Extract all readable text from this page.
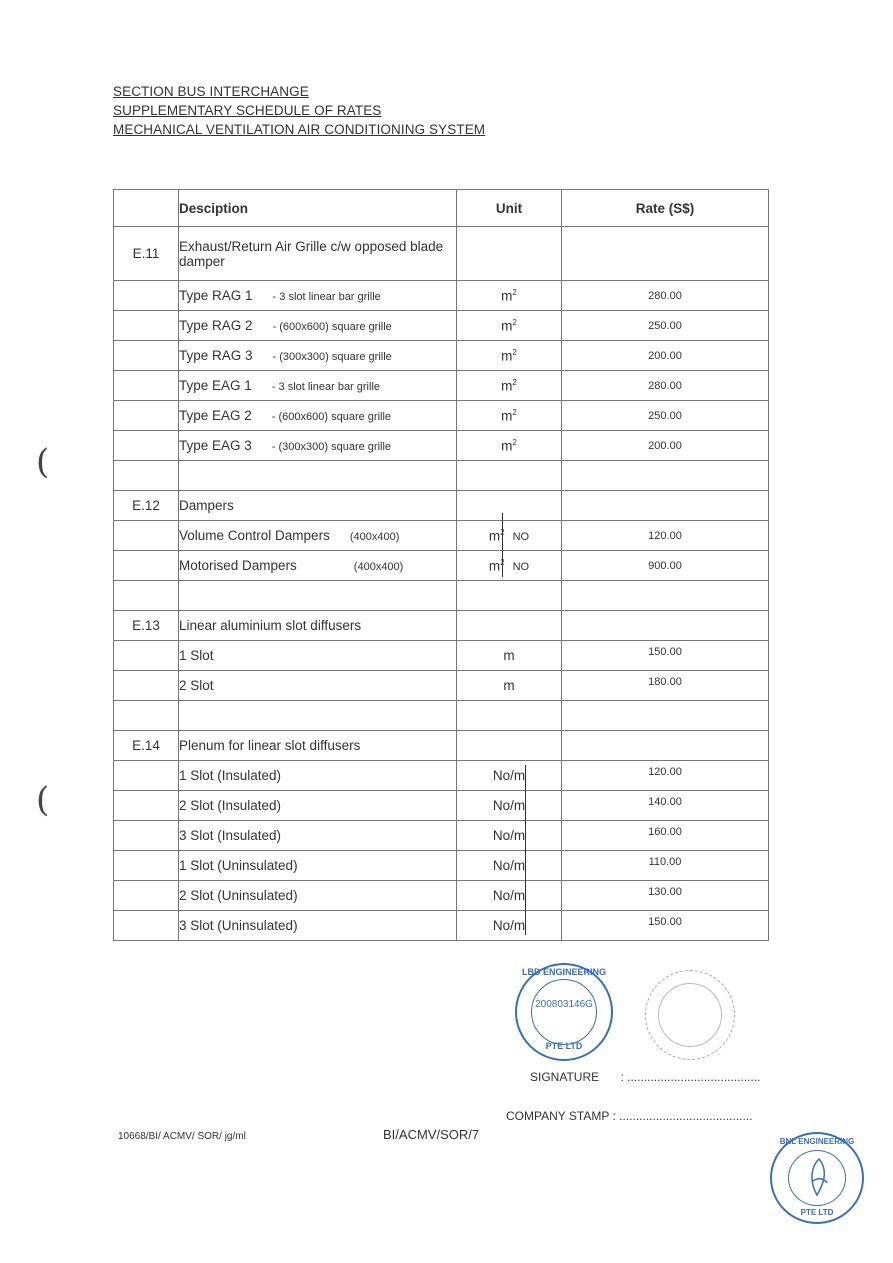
SECTION BUS INTERCHANGE
SUPPLEMENTARY SCHEDULE OF RATES
MECHANICAL VENTILATION AIR CONDITIONING SYSTEM
	Desciption	Unit	Rate (S$)
E.11	Exhaust/Return Air Grille c/w opposed blade damper		
	Type RAG 1 - 3 slot linear bar grille	$m^2$	280.00
	Type RAG 2 - (600x600) square grille	$m^2$	250.00
	Type RAG 3 - (300x300) square grille	$m^2$	200.00
	Type EAG 1 - 3 slot linear bar grille	$m^2$	280.00
	Type EAG 2 - (600x600) square grille	$m^2$	250.00
	Type EAG 3 - (300x300) square grille	$m^2$	200.00

E.12	Dampers		
	Volume Control Dampers (400x400)	$m^2$ NO	120.00
	Motorised Dampers (400x400)	$m^2$ NO	900.00

E.13	Linear aluminium slot diffusers		
	1 Slot	m	150.00
	2 Slot	m	180.00

E.14	Plenum for linear slot diffusers		
	1 Slot (Insulated)	No/m	120.00
	2 Slot (Insulated)	No/m	140.00
	3 Slot (Insulated)	No/m	160.00
	1 Slot (Uninsulated)	No/m	110.00
	2 Slot (Uninsulated)	No/m	130.00
	3 Slot (Uninsulated)	No/m	150.00
(
(
LBD ENGINEERING
200803146G
PTE LTD
SIGNATURE : ........................................
COMPANY STAMP : ........................................
10668/BI/ ACMV/ SOR/ jg/ml	BI/ACMV/SOR/7	BNL ENGINEERING
PTE LTD
